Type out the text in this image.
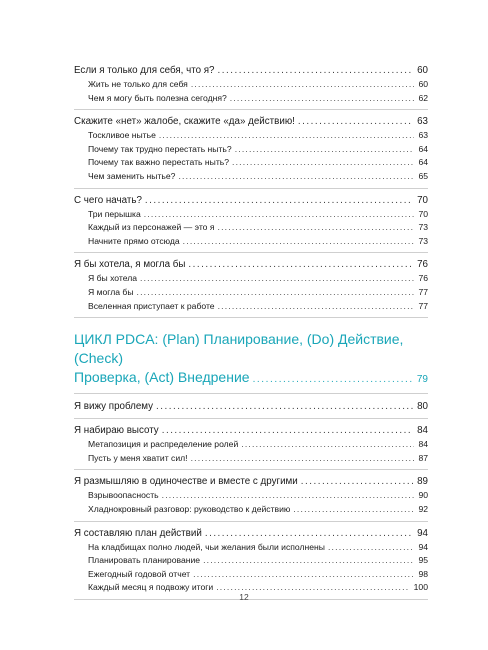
Если я только для себя, что я? . . .	60
Жить не только для себя . . .	60
Чем я могу быть полезна сегодня? . . .	62
Скажите «нет» жалобе, скажите «да» действию! . . .	63
Тоскливое нытье . . .	63
Почему так трудно перестать ныть? . . .	64
Почему так важно перестать ныть? . . .	64
Чем заменить нытье? . . .	65
С чего начать? . . .	70
Три перышка . . .	70
Каждый из персонажей — это я . . .	73
Начните прямо отсюда . . .	73
Я бы хотела, я могла бы . . .	76
Я бы хотела . . .	76
Я могла бы . . .	77
Вселенная приступает к работе . . .	77
ЦИКЛ PDCA: (Plan) Планирование, (Do) Действие, (Check)
Проверка, (Act) Внедрение . . .	79
Я вижу проблему . . .	80
Я набираю высоту . . .	84
Метапозиция и распределение ролей . . .	84
Пусть у меня хватит сил! . . .	87
Я размышляю в одиночестве и вместе с другими . . .	89
Взрывоопасность . . .	90
Хладнокровный разговор: руководство к действию . . .	92
Я составляю план действий . . .	94
На кладбищах полно людей, чьи желания были исполнены . . .	94
Планировать планирование . . .	95
Ежегодный годовой отчет . . .	98
Каждый месяц я подвожу итоги . . .	100
12
